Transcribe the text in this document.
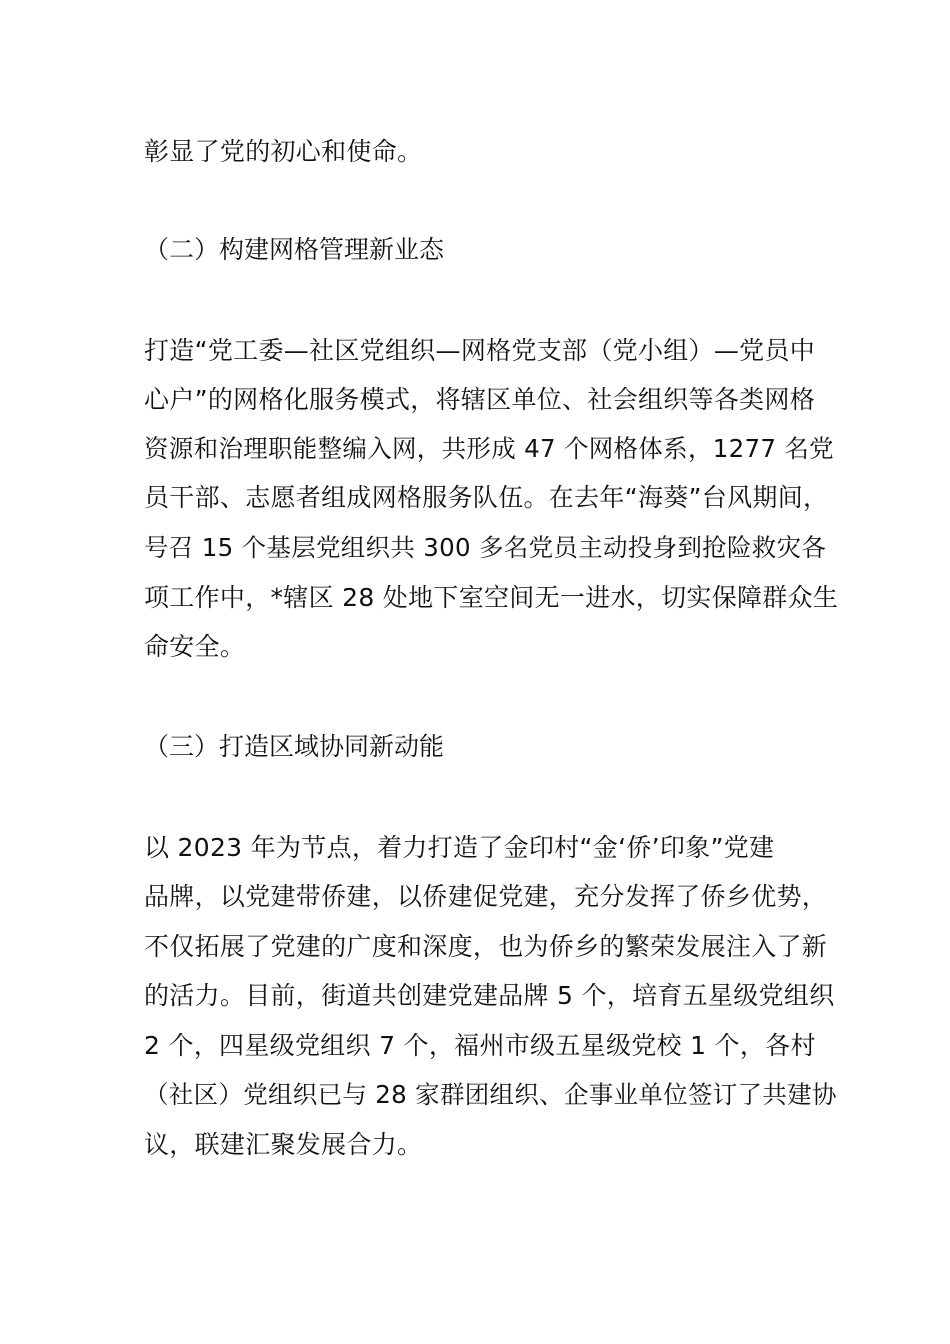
彰显了党的初心和使命。
（二）构建网格管理新业态
打造“党工委—社区党组织—网格党支部（党小组）—党员中
心户”的网格化服务模式，将辖区单位、社会组织等各类网格
资源和治理职能整编入网，共形成 47 个网格体系，1277 名党
员干部、志愿者组成网格服务队伍。在去年“海葵”台风期间，
号召 15 个基层党组织共 300 多名党员主动投身到抢险救灾各
项工作中，*辖区 28 处地下室空间无一进水，切实保障群众生
命安全。
（三）打造区域协同新动能
以 2023 年为节点，着力打造了金印村“金‘侨’印象”党建
品牌，以党建带侨建，以侨建促党建，充分发挥了侨乡优势，
不仅拓展了党建的广度和深度，也为侨乡的繁荣发展注入了新
的活力。目前，街道共创建党建品牌 5 个，培育五星级党组织
2 个，四星级党组织 7 个，福州市级五星级党校 1 个，各村
（社区）党组织已与 28 家群团组织、企事业单位签订了共建协
议，联建汇聚发展合力。
